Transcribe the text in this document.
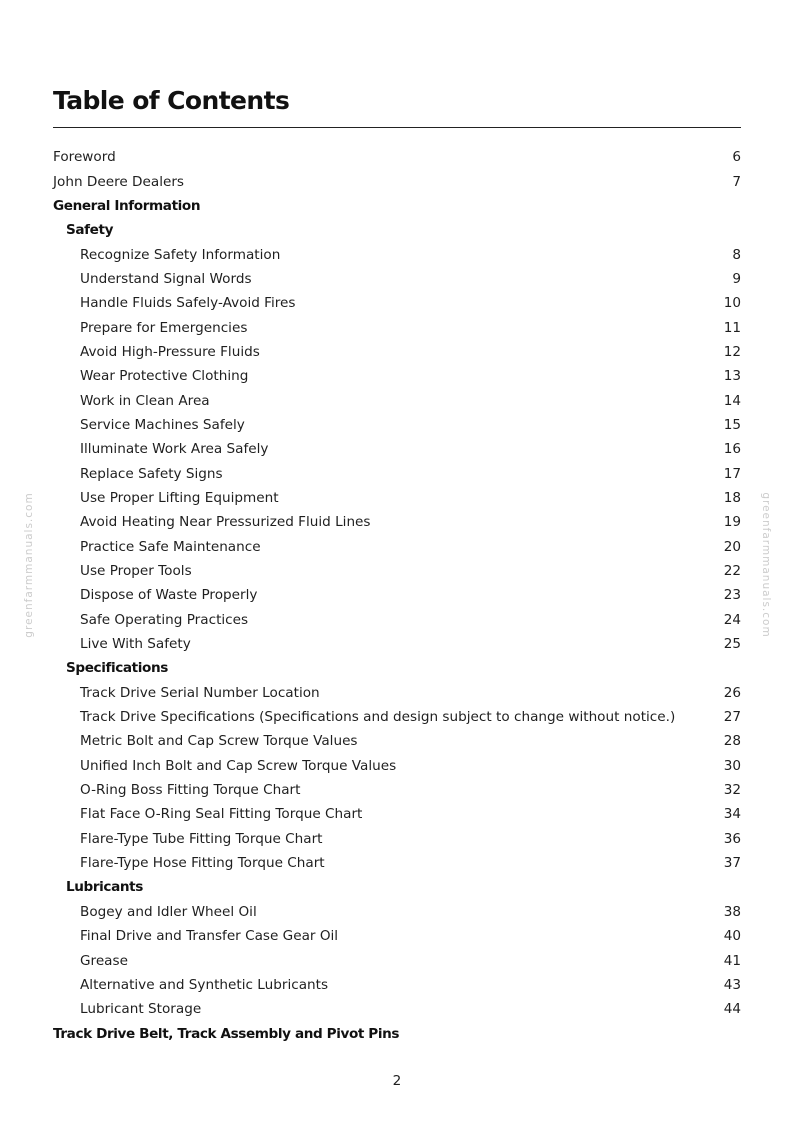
Table of Contents
Foreword	6
John Deere Dealers	7
General Information
Safety
Recognize Safety Information	8
Understand Signal Words	9
Handle Fluids Safely-Avoid Fires	10
Prepare for Emergencies	11
Avoid High-Pressure Fluids	12
Wear Protective Clothing	13
Work in Clean Area	14
Service Machines Safely	15
Illuminate Work Area Safely	16
Replace Safety Signs	17
Use Proper Lifting Equipment	18
Avoid Heating Near Pressurized Fluid Lines	19
Practice Safe Maintenance	20
Use Proper Tools	22
Dispose of Waste Properly	23
Safe Operating Practices	24
Live With Safety	25
Specifications
Track Drive Serial Number Location	26
Track Drive Specifications (Specifications and design subject to change without notice.)	27
Metric Bolt and Cap Screw Torque Values	28
Unified Inch Bolt and Cap Screw Torque Values	30
O-Ring Boss Fitting Torque Chart	32
Flat Face O-Ring Seal Fitting Torque Chart	34
Flare-Type Tube Fitting Torque Chart	36
Flare-Type Hose Fitting Torque Chart	37
Lubricants
Bogey and Idler Wheel Oil	38
Final Drive and Transfer Case Gear Oil	40
Grease	41
Alternative and Synthetic Lubricants	43
Lubricant Storage	44
Track Drive Belt, Track Assembly and Pivot Pins
greenfarmmanuals.com	greenfarmmanuals.com
2
